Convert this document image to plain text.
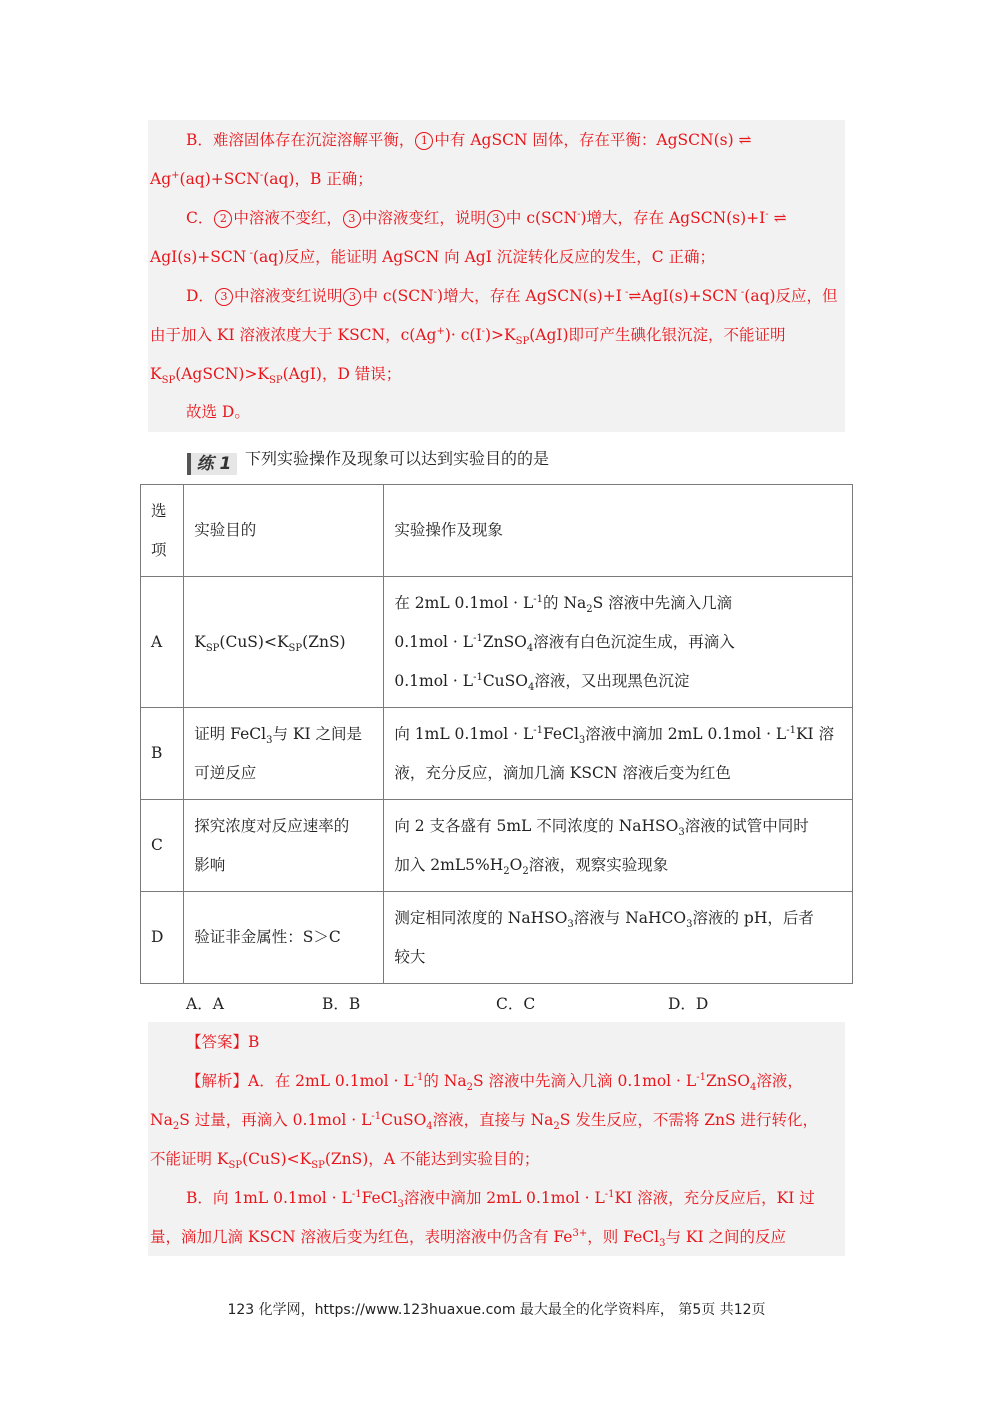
B．难溶固体存在沉淀溶解平衡， 1 中有 AgSCN 固体，存在平衡：AgSCN(s) ⇌
Ag+(aq)+SCN-(aq)，B 正确；
C． 2 中溶液不变红， 3 中溶液变红，说明 3 中 c(SCN-)增大，存在 AgSCN(s)+I- ⇌
AgI(s)+SCN -(aq)反应，能证明 AgSCN 向 AgI 沉淀转化反应的发生，C 正确；
D． 3 中溶液变红说明 3 中 c(SCN-)增大，存在 AgSCN(s)+I -⇌AgI(s)+SCN -(aq)反应，但
由于加入 KI 溶液浓度大于 KSCN，$c(Ag^+)\cdot c(I^-)>K_{SP}(AgI)$即可产生碘化银沉淀，不能证明
$K_{SP}(AgSCN)>K_{SP}(AgI)$，D 错误；
故选 D。
练 1 下列实验操作及现象可以达到实验目的的是
选
项	实验目的	实验操作及现象
A	$K_{SP}(CuS)<K_{SP}(ZnS)$	在 2mL $0.1mol \cdot L^{-1}$的 $Na_2S$ 溶液中先滴入几滴
$0.1mol \cdot L^{-1}ZnSO_4$溶液有白色沉淀生成，再滴入
$0.1mol \cdot L^{-1}CuSO_4$溶液，又出现黑色沉淀
B	证明 FeCl$_3$与 KI 之间是
可逆反应	向 1mL $0.1mol \cdot L^{-1}FeCl_3$溶液中滴加 2mL $0.1mol \cdot L^{-1}KI$ 溶
液，充分反应，滴加几滴 KSCN 溶液后变为红色
C	探究浓度对反应速率的
影响	向 2 支各盛有 5mL 不同浓度的 NaHSO$_3$溶液的试管中同时
加入 $2mL5\%H_2O_2$溶液，观察实验现象
D	验证非金属性：S＞C	测定相同浓度的 NaHSO$_3$溶液与 NaHCO$_3$溶液的 pH，后者
较大
A．A	B．B	C．C	D．D
【答案】B
【解析】A．在 2mL $0.1mol \cdot L^{-1}$的 $Na_2S$ 溶液中先滴入几滴 $0.1mol \cdot L^{-1}ZnSO_4$溶液，
$Na_2S$ 过量，再滴入 $0.1mol \cdot L^{-1}CuSO_4$溶液，直接与 $Na_2S$ 发生反应，不需将 ZnS 进行转化，
不能证明 $K_{SP}(CuS)<K_{SP}(ZnS)$，A 不能达到实验目的；
B．向 1mL $0.1mol \cdot L^{-1}FeCl_3$溶液中滴加 2mL $0.1mol \cdot L^{-1}KI$ 溶液，充分反应后，KI 过
量，滴加几滴 KSCN 溶液后变为红色，表明溶液中仍含有 $Fe^{3+}$，则 FeCl$_3$与 KI 之间的反应
123 化学网，https://www.123huaxue.com 最大最全的化学资料库， 第5页 共12页
